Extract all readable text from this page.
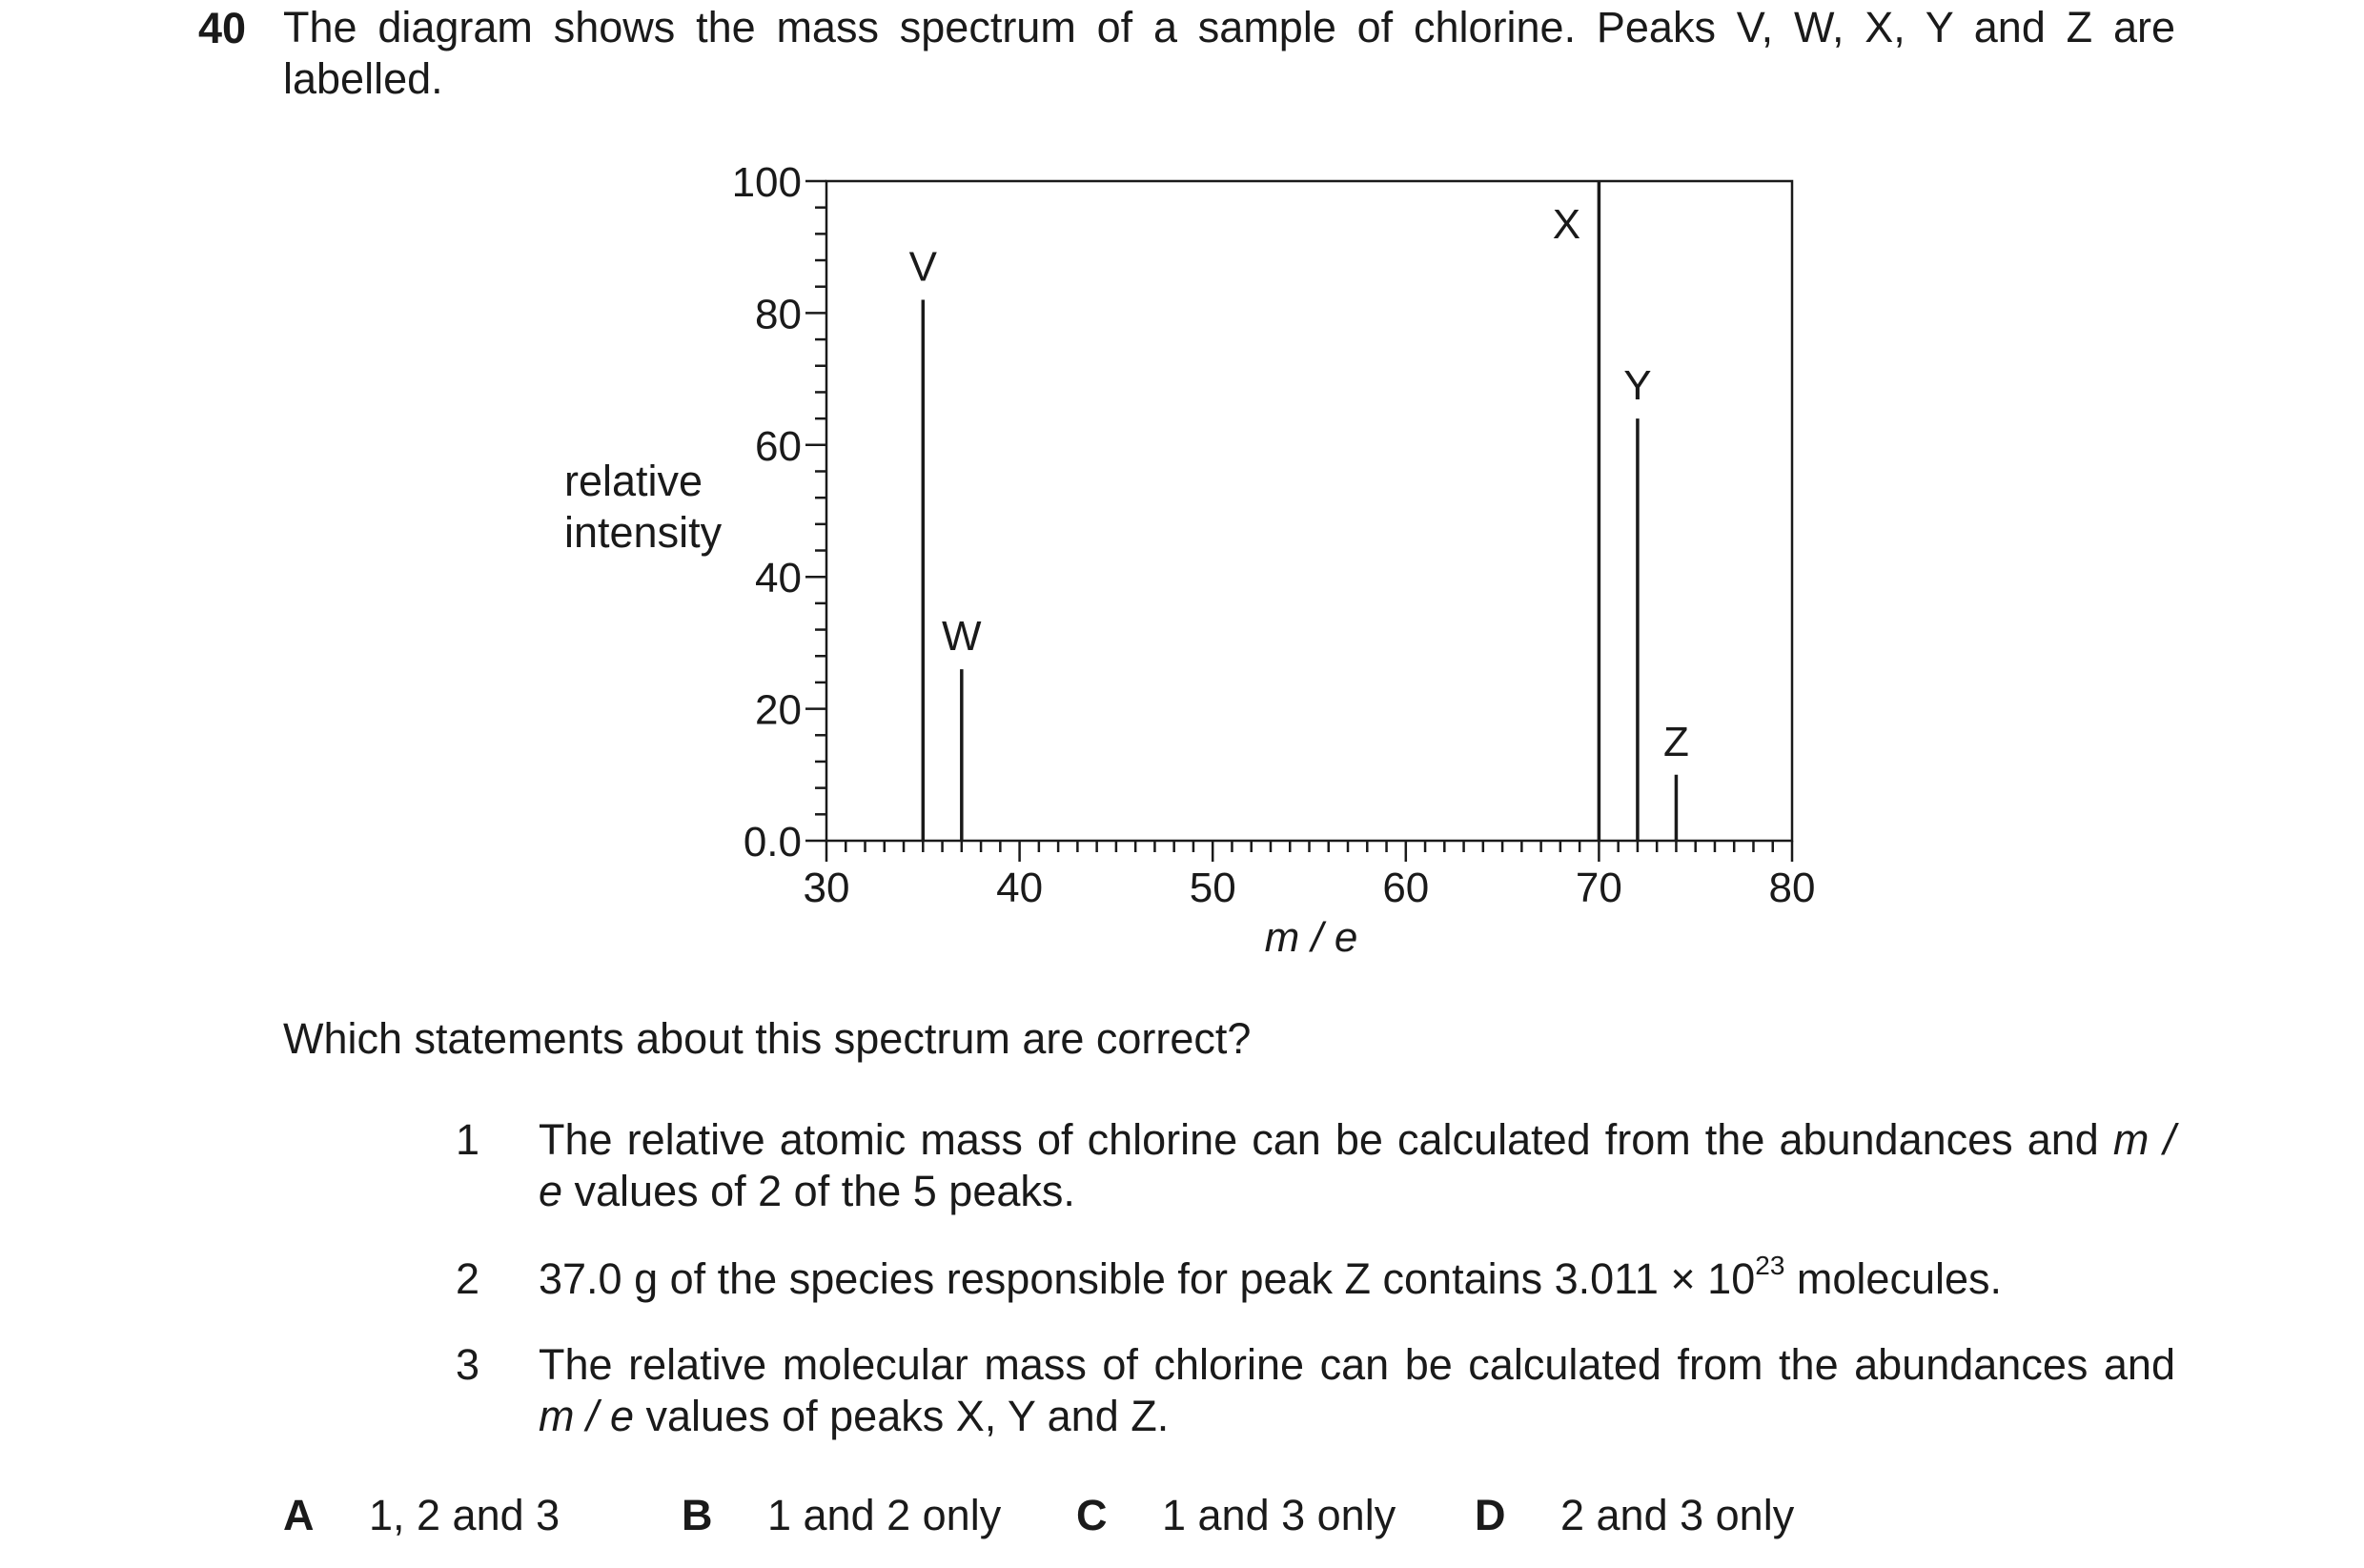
40 The diagram shows the mass spectrum of a sample of chlorine. Peaks V, W, X, Y and Z are labelled.
0.0
20
40
60
80
100
30	40	50	60	70	80
m / e
V
W
X
Y
Z
relative
intensity
Which statements about this spectrum are correct?
1 The relative atomic mass of chlorine can be calculated from the abundances and m / e values of 2 of the 5 peaks.
2 37.0 g of the species responsible for peak Z contains $3.011 \times 10^{23}$ molecules.
3 The relative molecular mass of chlorine can be calculated from the abundances and m / e values of peaks X, Y and Z.
A 1, 2 and 3	B 1 and 2 only C 1 and 3 only D 2 and 3 only
